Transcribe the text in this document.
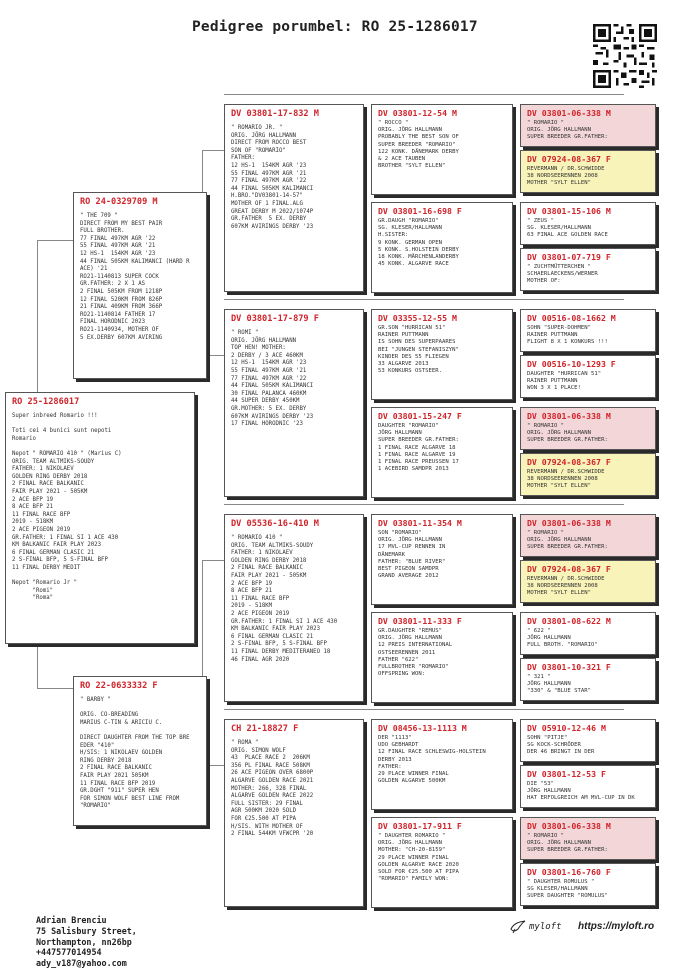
Pedigree porumbel: RO 25-1286017
RO 25-1286017
Super inbreed Romario !!!

Toti cei 4 bunici sunt nepoti
Romario

Nepot " ROMARIO 410 " (Marius C)
ORIG. TEAM ALTMIKS-SOUDY
FATHER: 1 NIKOLAEV
GOLDEN RING DERBY 2018
2 FINAL RACE BALKANIC
FAIR PLAY 2021 - 505KM
2 ACE BFP 19
8 ACE BFP 21
11 FINAL RACE BFP
2019 - 518KM
2 ACE PIGEON 2019
GR.FATHER: 1 FINAL SI 1 ACE 430
KM BALKANIC FAIR PLAY 2023
6 FINAL GERMAN CLASIC 21
2 S-FINAL BFP, 5 S-FINAL BFP
11 FINAL DERBY MEDIT

Nepot "Romario Jr "
"Romi"
"Roma"
RO 24-0329709 M
" THE 709 "
DIRECT FROM MY BEST PAIR
FULL BROTHER.
77 FINAL 497KM AGR '22
55 FINAL 497KM AGR '21
12 HS-1  154KM AGR '23
44 FINAL 505KM KALIMANCI (HARD R
ACE) '21
RO21-1140813 SUPER COCK
GR.FATHER: 2 X 1 AS
2 FINAL 505KM FROM 1218P
12 FINAL 520KM FROM 826P
21 FINAL 409KM FROM 366P
RO21-1140814 FATHER 17
FINAL HORODNIC 2023
RO21-1140934, MOTHER OF
5 EX.DERBY 607KM AVIRING
RO 22-0633332 F
" BARBY "

ORIG. CO-BREADING
MARIUS C-TIN & ARICIU C.

DIRECT DAUGHTER FROM THE TOP BRE
EDER "410"
H/SIS: 1 NIKOLAEV GOLDEN
RING DERBY 2018
2 FINAL RACE BALKANIC
FAIR PLAY 2021 505KM
11 FINAL RACE BFP 2019
GR.DGHT "911" SUPER HEN
FOR SIMON WOLF BEST LINE FROM
"ROMARIO"
DV 03801-17-832 M
" ROMARIO JR. "
ORIG. JÖRG HALLMANN
DIRECT FROM ROCCO BEST
SON OF "ROMARIO"
FATHER:
12 HS-1  154KM AGR '23
55 FINAL 497KM AGR '21
77 FINAL 497KM AGR '22
44 FINAL 505KM KALIMANCI
H.BRO."DV03801-14-57"
MOTHER OF 1 FINAL.ALG
GREAT DERBY M 2022/1074P
GR.FATHER  5 EX. DERBY
607KM AVIRINGS DERBY '23
DV 03801-17-879 F
" ROMI "
ORIG. JÖRG HALLMANN
TOP HEN! MOTHER:
2 DERBY / 3 ACE 460KM
12 HS-1  154KM AGR '23
55 FINAL 497KM AGR '21
77 FINAL 497KM AGR '22
44 FINAL 505KM KALIMANCI
30 FINAL PALANCA 460KM
44 SUPER DERBY 450KM
GR.MOTHER: 5 EX. DERBY
607KM AVIRINGS DERBY '23
17 FINAL HORODNIC '23
DV 05536-16-410 M
" ROMARIO 410 "
ORIG. TEAM ALTMIKS-SOUDY
FATHER: 1 NIKOLAEV
GOLDEN RING DERBY 2018
2 FINAL RACE BALKANIC
FAIR PLAY 2021 - 505KM
2 ACE BFP 19
8 ACE BFP 21
11 FINAL RACE BFP
2019 - 518KM
2 ACE PIGEON 2019
GR.FATHER: 1 FINAL SI 1 ACE 430
KM BALKANIC FAIR PLAY 2023
6 FINAL GERMAN CLASIC 21
2 S-FINAL BFP, 5 S-FINAL BFP
11 FINAL DERBY MEDITERANEO 18
46 FINAL AGR 2020
CH 21-18827 F
" ROMA "
ORIG. SIMON WOLF
43  PLACE RACE 2  206KM
356 PL FINAL RACE 508KM
26 ACE PIGEON OVER 6800P
ALGARVE GOLDEN RACE 2021
MOTHER: 266, 328 FINAL
ALGARVE GOLDEN RACE 2022
FULL SISTER: 29 FINAL
AGR 500KM 2020 SOLD
FOR €25.500 AT PIPA
H/SIS. WITH MOTHER OF
2 FINAL 544KM VFWCPR '20
DV 03801-12-54 M
" ROCCO "
ORIG. JÖRG HALLMANN
PROBABLY THE BEST SON OF
SUPER BREEDER "ROMARIO"
122 KONK. DÄNEMARK DERBY
& 2 ACE TAUBEN
BROTHER "SYLT ELLEN"
DV 03801-16-698 F
GR.DAUGH "ROMARIO"
SG. KLESER/HALLMANN
H.SISTER:
9 KONK. GERMAN OPEN
5 KONK. S.HOLSTEIN DERBY
18 KONK. MÄRCHENLANDERBY
45 KONK. ALGARVE RACE
DV 03355-12-55 M
GR.SON "HURRICAN 51"
RAINER PUTTMANN
IS SOHN DES SUPERPAARES
BEI "JUNGEN STEFANISZYN"
KINDER DES 55 FLIEGEN
33 ALGARVE 2013
53 KONKURS OSTSEER.
DV 03801-15-247 F
DAUGHTER "ROMARIO"
JÖRG HALLMANN
SUPER BREEDER GR.FATHER:
1 FINAL RACE ALGARVE 18
1 FINAL RACE ALGARVE 19
1 FINAL RACE PREUSSEN 17
1 ACEBIRD SAMDPR 2013
DV 03801-11-354 M
SON "ROMARIO"
ORIG. JÖRG HALLMANN
17 MVL-CUP RENNEN IN
DÄNEMARK
FATHER: "BLUE RIVER"
BEST PIGEON SAMDPR
GRAND AVERAGE 2012
DV 03801-11-333 F
GR.DAUGHTER "REMUS"
ORIG. JÖRG HALLMANN
12 PREIS INTERNATIONAL
OSTSEERENNEN 2011
FATHER "622"
FULLBROTHER "ROMARIO"
OFFSPRING WON:
DV 08456-13-1113 M
DER "1113"
UDO GEBHARDT
12 FINAL RACE SCHLESWIG-HOLSTEIN
DERBY 2013
FATHER:
29 PLACE WINNER FINAL
GOLDEN ALGARVE 500KM
DV 03801-17-911 F
" DAUGHTER ROMARIO "
ORIG. JÖRG HALLMANN
MOTHER: "CH-20-8159"
29 PLACE WINNER FINAL
GOLDEN ALGARVE RACE 2020
SOLD FOR €25.500 AT PIPA
"ROMARIO" FAMILY WON:
DV 03801-06-338 M
" ROMARIO "
ORIG. JÖRG HALLMANN
SUPER BREEDER GR.FATHER:
DV 07924-08-367 F
REVERMANN / DR.SCHWIDDE
38 NORDSEERENNEN 2008
MOTHER "SYLT ELLEN"
DV 03801-15-106 M
" ZEUS "
SG. KLESER/HALLMANN
63 FINAL ACE GOLDEN RACE
DV 03801-07-719 F
" ZUCHTMÜTTERCHEN "
SCHAERLAECKENS/WERNER
MOTHER OF:
DV 00516-08-1662 M
SOHN "SUPER-DOHMEN"
RAINER PUTTMANN
FLIGHT 8 X 1 KONKURS !!!
DV 00516-10-1293 F
DAUGHTER "HURRICAN 51"
RAINER PUTTMANN
WON 3 X 1 PLACE!
DV 03801-06-338 M
" ROMARIO "
ORIG. JÖRG HALLMANN
SUPER BREEDER GR.FATHER:
DV 07924-08-367 F
REVERMANN / DR.SCHWIDDE
38 NORDSEERENNEN 2008
MOTHER "SYLT ELLEN"
DV 03801-06-338 M
" ROMARIO "
ORIG. JÖRG HALLMANN
SUPER BREEDER GR.FATHER:
DV 07924-08-367 F
REVERMANN / DR.SCHWIDDE
38 NORDSEERENNEN 2008
MOTHER "SYLT ELLEN"
DV 03801-08-622 M
" 622 "
JÖRG HALLMANN
FULL BROTH. "ROMARIO"
DV 03801-10-321 F
" 321 "
JÖRG HALLMANN
"330" & "BLUE STAR"
DV 05910-12-46 M
SOHN "PITJE"
SG KOCK-SCHRÖDER
DER 46 BRINGT IN DER
DV 03801-12-53 F
DIE "53"
JÖRG HALLMANN
HAT ERFOLGREICH AM MVL-CUP IN DK
DV 03801-06-338 M
" ROMARIO "
ORIG. JÖRG HALLMANN
SUPER BREEDER GR.FATHER:
DV 03801-16-760 F
" DAUGHTER ROMULUS "
SG KLESER/HALLMANN
SUPER DAUGHTER "ROMULUS"
Adrian Brenciu
75 Salisbury Street,
Northampton, nn26bp
+447577014954
ady_v187@yahoo.com
myloft https://myloft.ro
